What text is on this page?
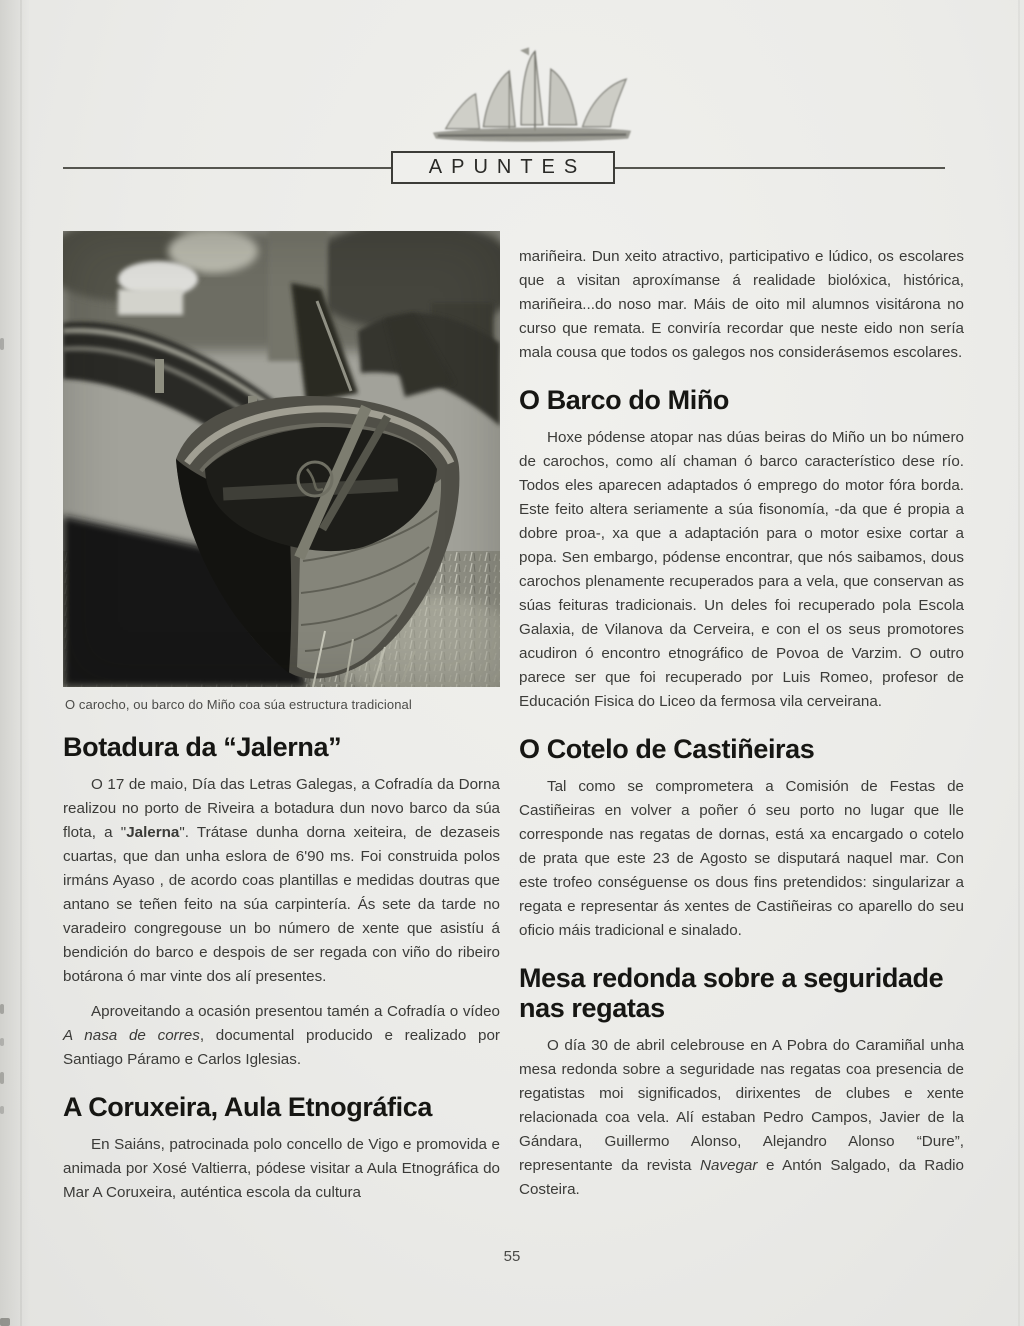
APUNTES

O carocho, ou barco do Miño coa súa estructura tradicional

Botadura da “Jalerna”

O 17 de maio, Día das Letras Galegas, a Cofradía da Dorna realizou no porto de Riveira a botadura dun novo barco da súa flota, a "Jalerna". Trátase dunha dorna xeiteira, de dezaseis cuartas, que dan unha eslora de 6'90 ms. Foi construida polos irmáns Ayaso , de acordo coas plantillas e medidas doutras que antano se teñen feito na súa carpintería. Ás sete da tarde no varadeiro congregouse un bo número de xente que asistíu á bendición do barco e despois de ser regada con viño do ribeiro botárona ó mar vinte dos alí presentes.

Aproveitando a ocasión presentou tamén a Cofradía o vídeo A nasa de corres, documental producido e realizado por Santiago Páramo e Carlos Iglesias.

A Coruxeira, Aula Etnográfica

En Saiáns, patrocinada polo concello de Vigo e promovida e animada por Xosé Valtierra, pódese visitar a Aula Etnográfica do Mar A Coruxeira, auténtica escola da cultura

mariñeira. Dun xeito atractivo, participativo e lúdico, os escolares que a visitan aproxímanse á realidade biolóxica, histórica, mariñeira...do noso mar. Máis de oito mil alumnos visitárona no curso que remata. E conviría recordar que neste eido non sería mala cousa que todos os galegos nos considerásemos escolares.

O Barco do Miño

Hoxe pódense atopar nas dúas beiras do Miño un bo número de carochos, como alí chaman ó barco característico dese río. Todos eles aparecen adaptados ó emprego do motor fóra borda. Este feito altera seriamente a súa fisonomía, -da que é propia a dobre proa-, xa que a adaptación para o motor esixe cortar a popa. Sen embargo, pódense encontrar, que nós saibamos, dous carochos plenamente recuperados para a vela, que conservan as súas feituras tradicionais. Un deles foi recuperado pola Escola Galaxia, de Vilanova da Cerveira, e con el os seus promotores acudiron ó encontro etnográfico de Povoa de Varzim. O outro parece ser que foi recuperado por Luis Romeo, profesor de Educación Fisica do Liceo da fermosa vila cerveirana.

O Cotelo de Castiñeiras

Tal como se comprometera a Comisión de Festas de Castiñeiras en volver a poñer ó seu porto no lugar que lle corresponde nas regatas de dornas, está xa encargado o cotelo de prata que este 23 de Agosto se disputará naquel mar. Con este trofeo conséguense os dous fins pretendidos: singularizar a regata e representar ás xentes de Castiñeiras co aparello do seu oficio máis tradicional e sinalado.

Mesa redonda sobre a seguridade nas regatas

O día 30 de abril celebrouse en A Pobra do Caramiñal unha mesa redonda sobre a seguridade nas regatas coa presencia de regatistas moi significados, dirixentes de clubes e xente relacionada coa vela. Alí estaban Pedro Campos, Javier de la Gándara, Guillermo Alonso, Alejandro Alonso “Dure”, representante da revista Navegar e Antón Salgado, da Radio Costeira.

55
